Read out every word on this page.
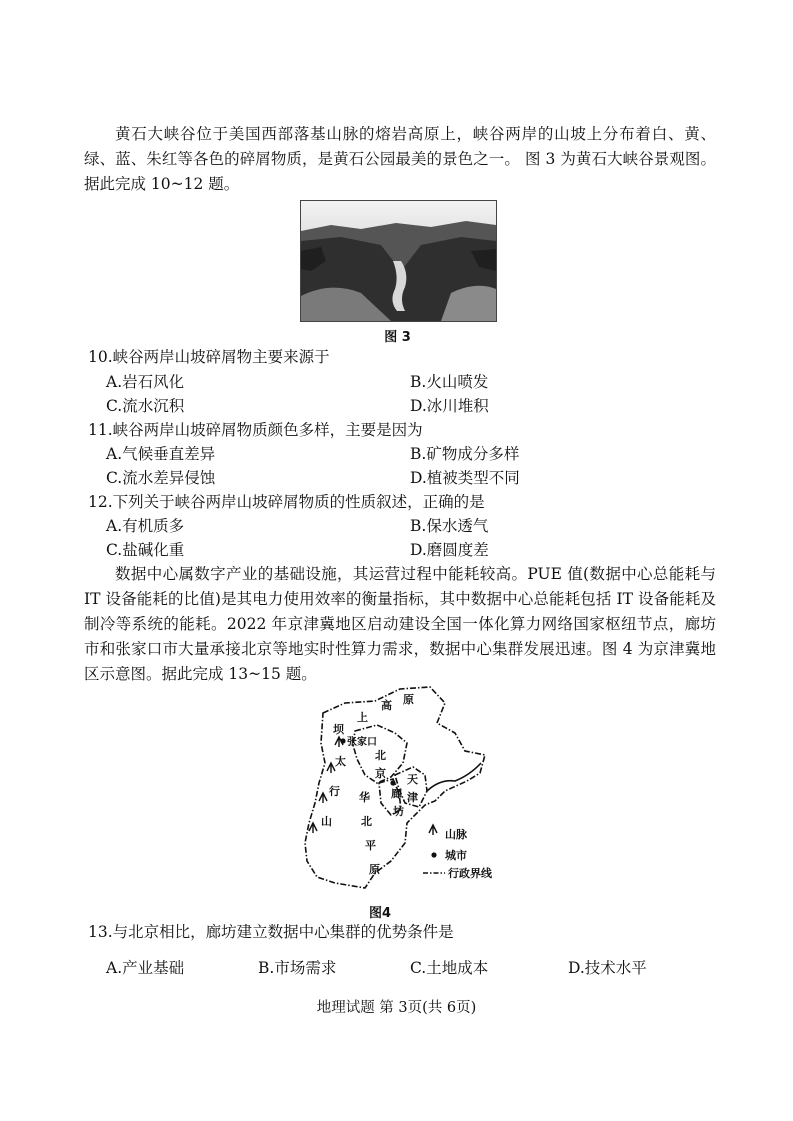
黄石大峡谷位于美国西部落基山脉的熔岩高原上，峡谷两岸的山坡上分布着白、黄、绿、蓝、朱红等各色的碎屑物质，是黄石公园最美的景色之一。 图 3 为黄石大峡谷景观图。据此完成 10~12 题。

图 3
10.峡谷两岸山坡碎屑物主要来源于
A.岩石风化	B.火山喷发
C.流水沉积	D.冰川堆积
11.峡谷两岸山坡碎屑物质颜色多样，主要是因为
A.气候垂直差异	B.矿物成分多样
C.流水差异侵蚀	D.植被类型不同
12.下列关于峡谷两岸山坡碎屑物质的性质叙述，正确的是
A.有机质多	B.保水透气
C.盐碱化重	D.磨圆度差

数据中心属数字产业的基础设施，其运营过程中能耗较高。PUE 值(数据中心总能耗与 IT 设备能耗的比值)是其电力使用效率的衡量指标，其中数据中心总能耗包括 IT 设备能耗及制冷等系统的能耗。2022 年京津冀地区启动建设全国一体化算力网络国家枢纽节点，廊坊市和张家口市大量承接北京等地实时性算力需求，数据中心集群发展迅速。图 4 为京津冀地区示意图。据此完成 13~15 题。

坝
上
高 原
张家口
北
京 天
津
廊
坊
太
行
山
华
北
平
原
山脉
城市
行政界线
图4
13.与北京相比，廊坊建立数据中心集群的优势条件是
A.产业基础	B.市场需求	C.土地成本	D.技术水平
地理试题 第 3页(共 6页)
